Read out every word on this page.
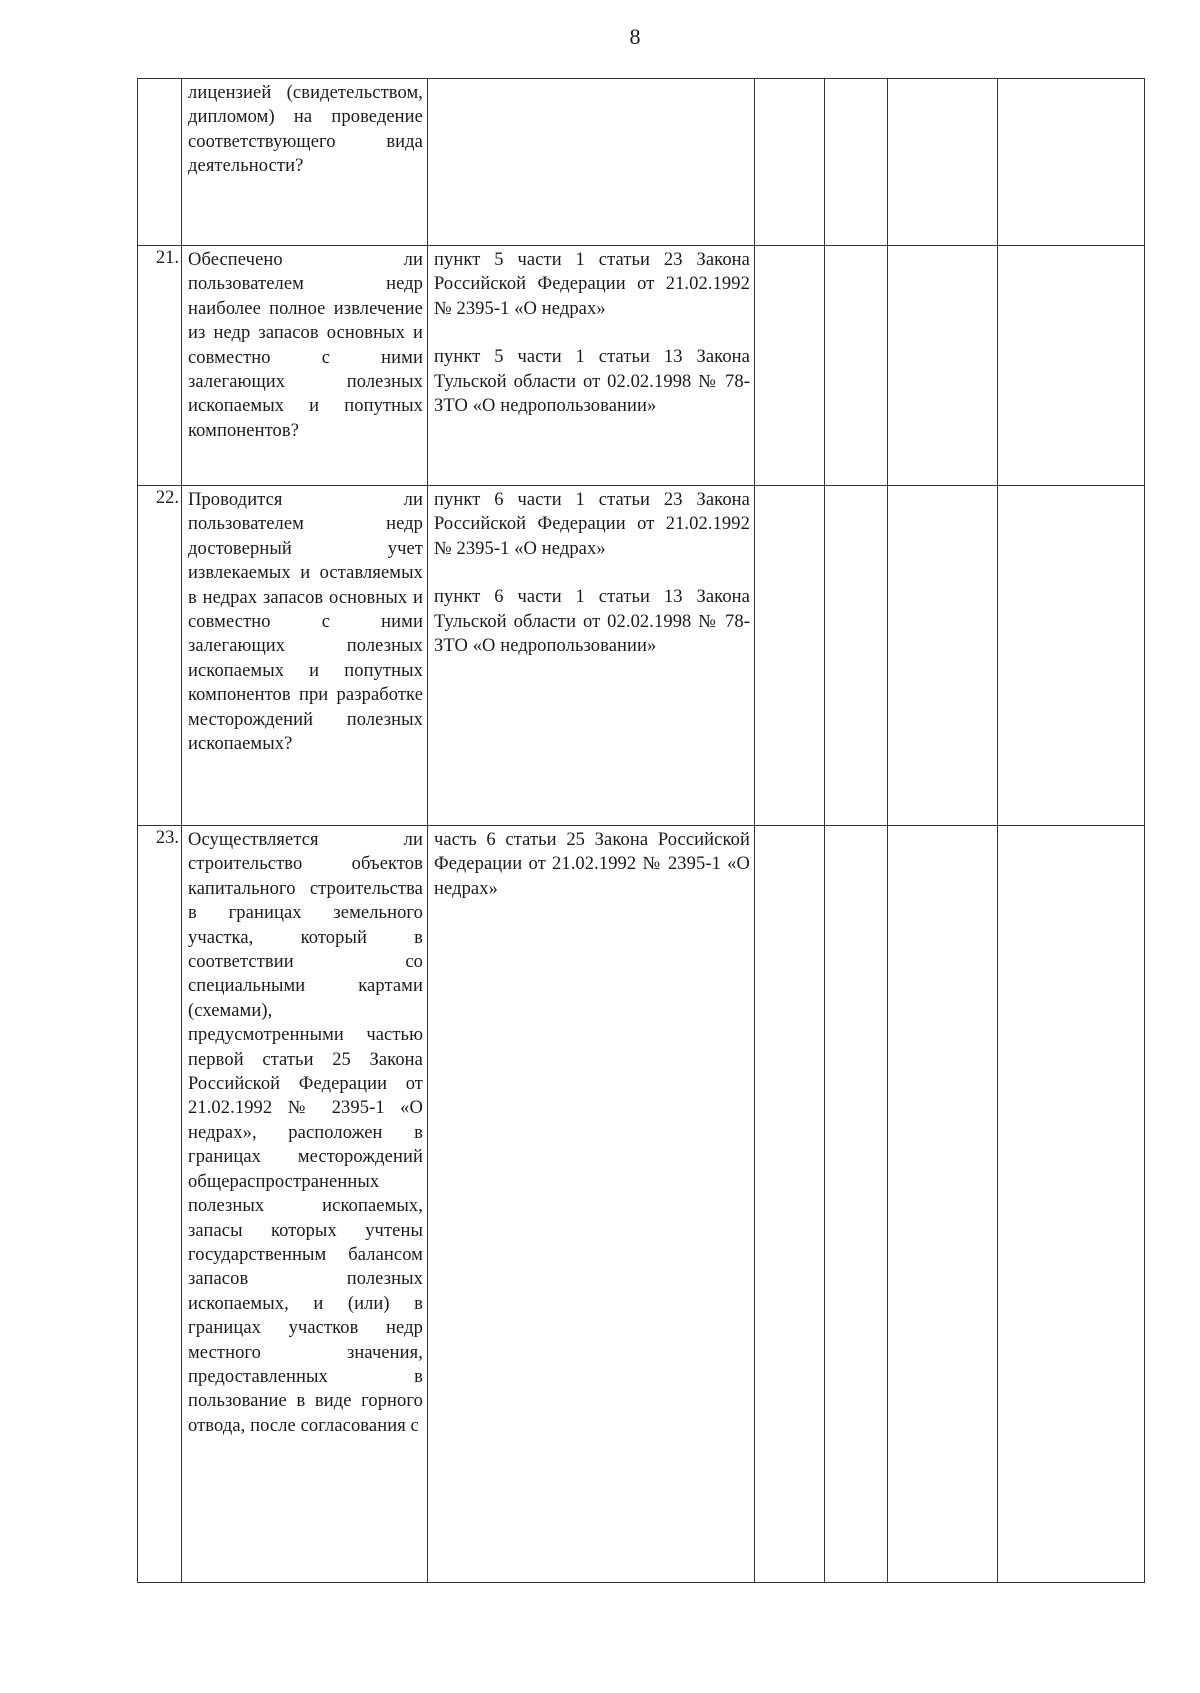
8
	лицензией (свидетельством, дипломом) на проведение соответствующего вида деятельности?					
21.	Обеспечено ли пользователем недр наиболее полное извлечение из недр запасов основных и совместно с ними залегающих полезных ископаемых и попутных компонентов?	пункт 5 части 1 статьи 23 Закона Российской Федерации от 21.02.1992 № 2395-1 «О недрах»
пункт 5 части 1 статьи 13 Закона Тульской области от 02.02.1998 № 78-ЗТО «О недропользовании»				

22.	Проводится ли пользователем недр достоверный учет извлекаемых и оставляемых в недрах запасов основных и совместно с ними залегающих полезных ископаемых и попутных компонентов при разработке месторождений полезных ископаемых?	пункт 6 части 1 статьи 23 Закона Российской Федерации от 21.02.1992 № 2395-1 «О недрах»
пункт 6 части 1 статьи 13 Закона Тульской области от 02.02.1998 № 78-ЗТО «О недропользовании»				

23.	Осуществляется ли строительство объектов капитального строительства в границах земельного участка, который в соответствии со специальными картами (схемами), предусмотренными частью первой статьи 25 Закона Российской Федерации от 21.02.1992 № 2395-1 «О недрах», расположен в границах месторождений общераспространенных полезных ископаемых, запасы которых учтены государственным балансом запасов полезных ископаемых, и (или) в границах участков недр местного значения, предоставленных в пользование в виде горного отвода, после согласования с	часть 6 статьи 25 Закона Российской Федерации от 21.02.1992 № 2395-1 «О недрах»				
